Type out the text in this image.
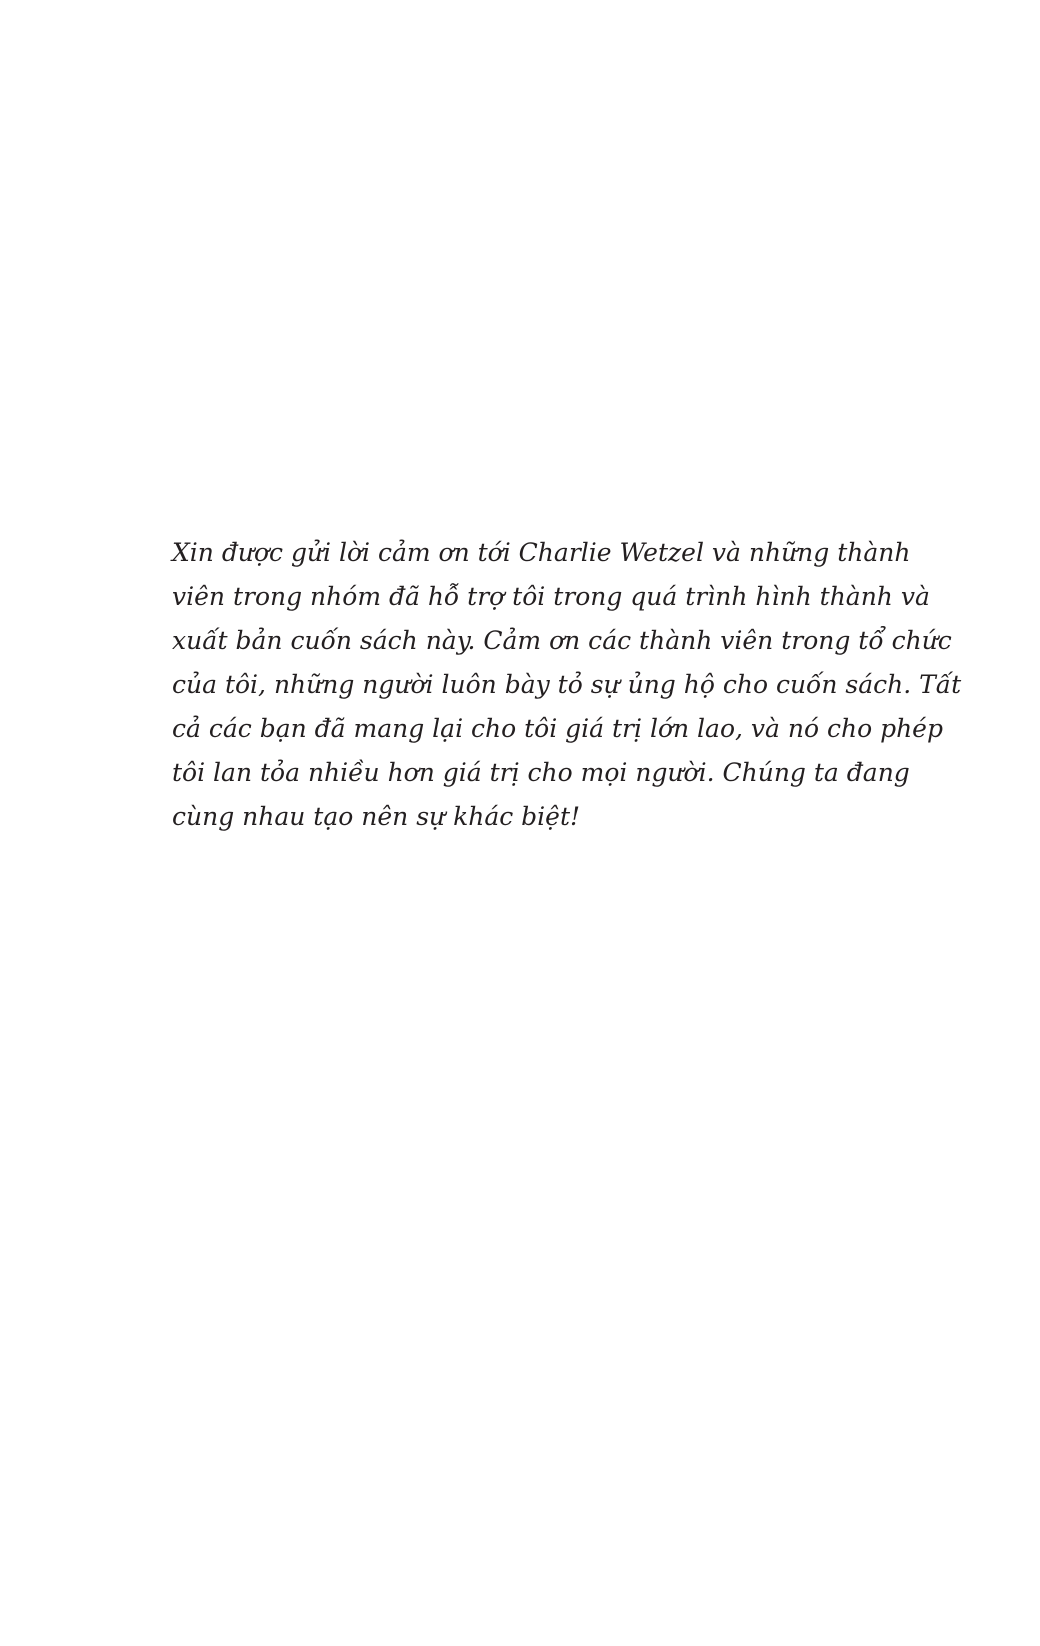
Xin được gửi lời cảm ơn tới Charlie Wetzel và những thành
viên trong nhóm đã hỗ trợ tôi trong quá trình hình thành và
xuất bản cuốn sách này. Cảm ơn các thành viên trong tổ chức
của tôi, những người luôn bày tỏ sự ủng hộ cho cuốn sách. Tất
cả các bạn đã mang lại cho tôi giá trị lớn lao, và nó cho phép
tôi lan tỏa nhiều hơn giá trị cho mọi người. Chúng ta đang
cùng nhau tạo nên sự khác biệt!
